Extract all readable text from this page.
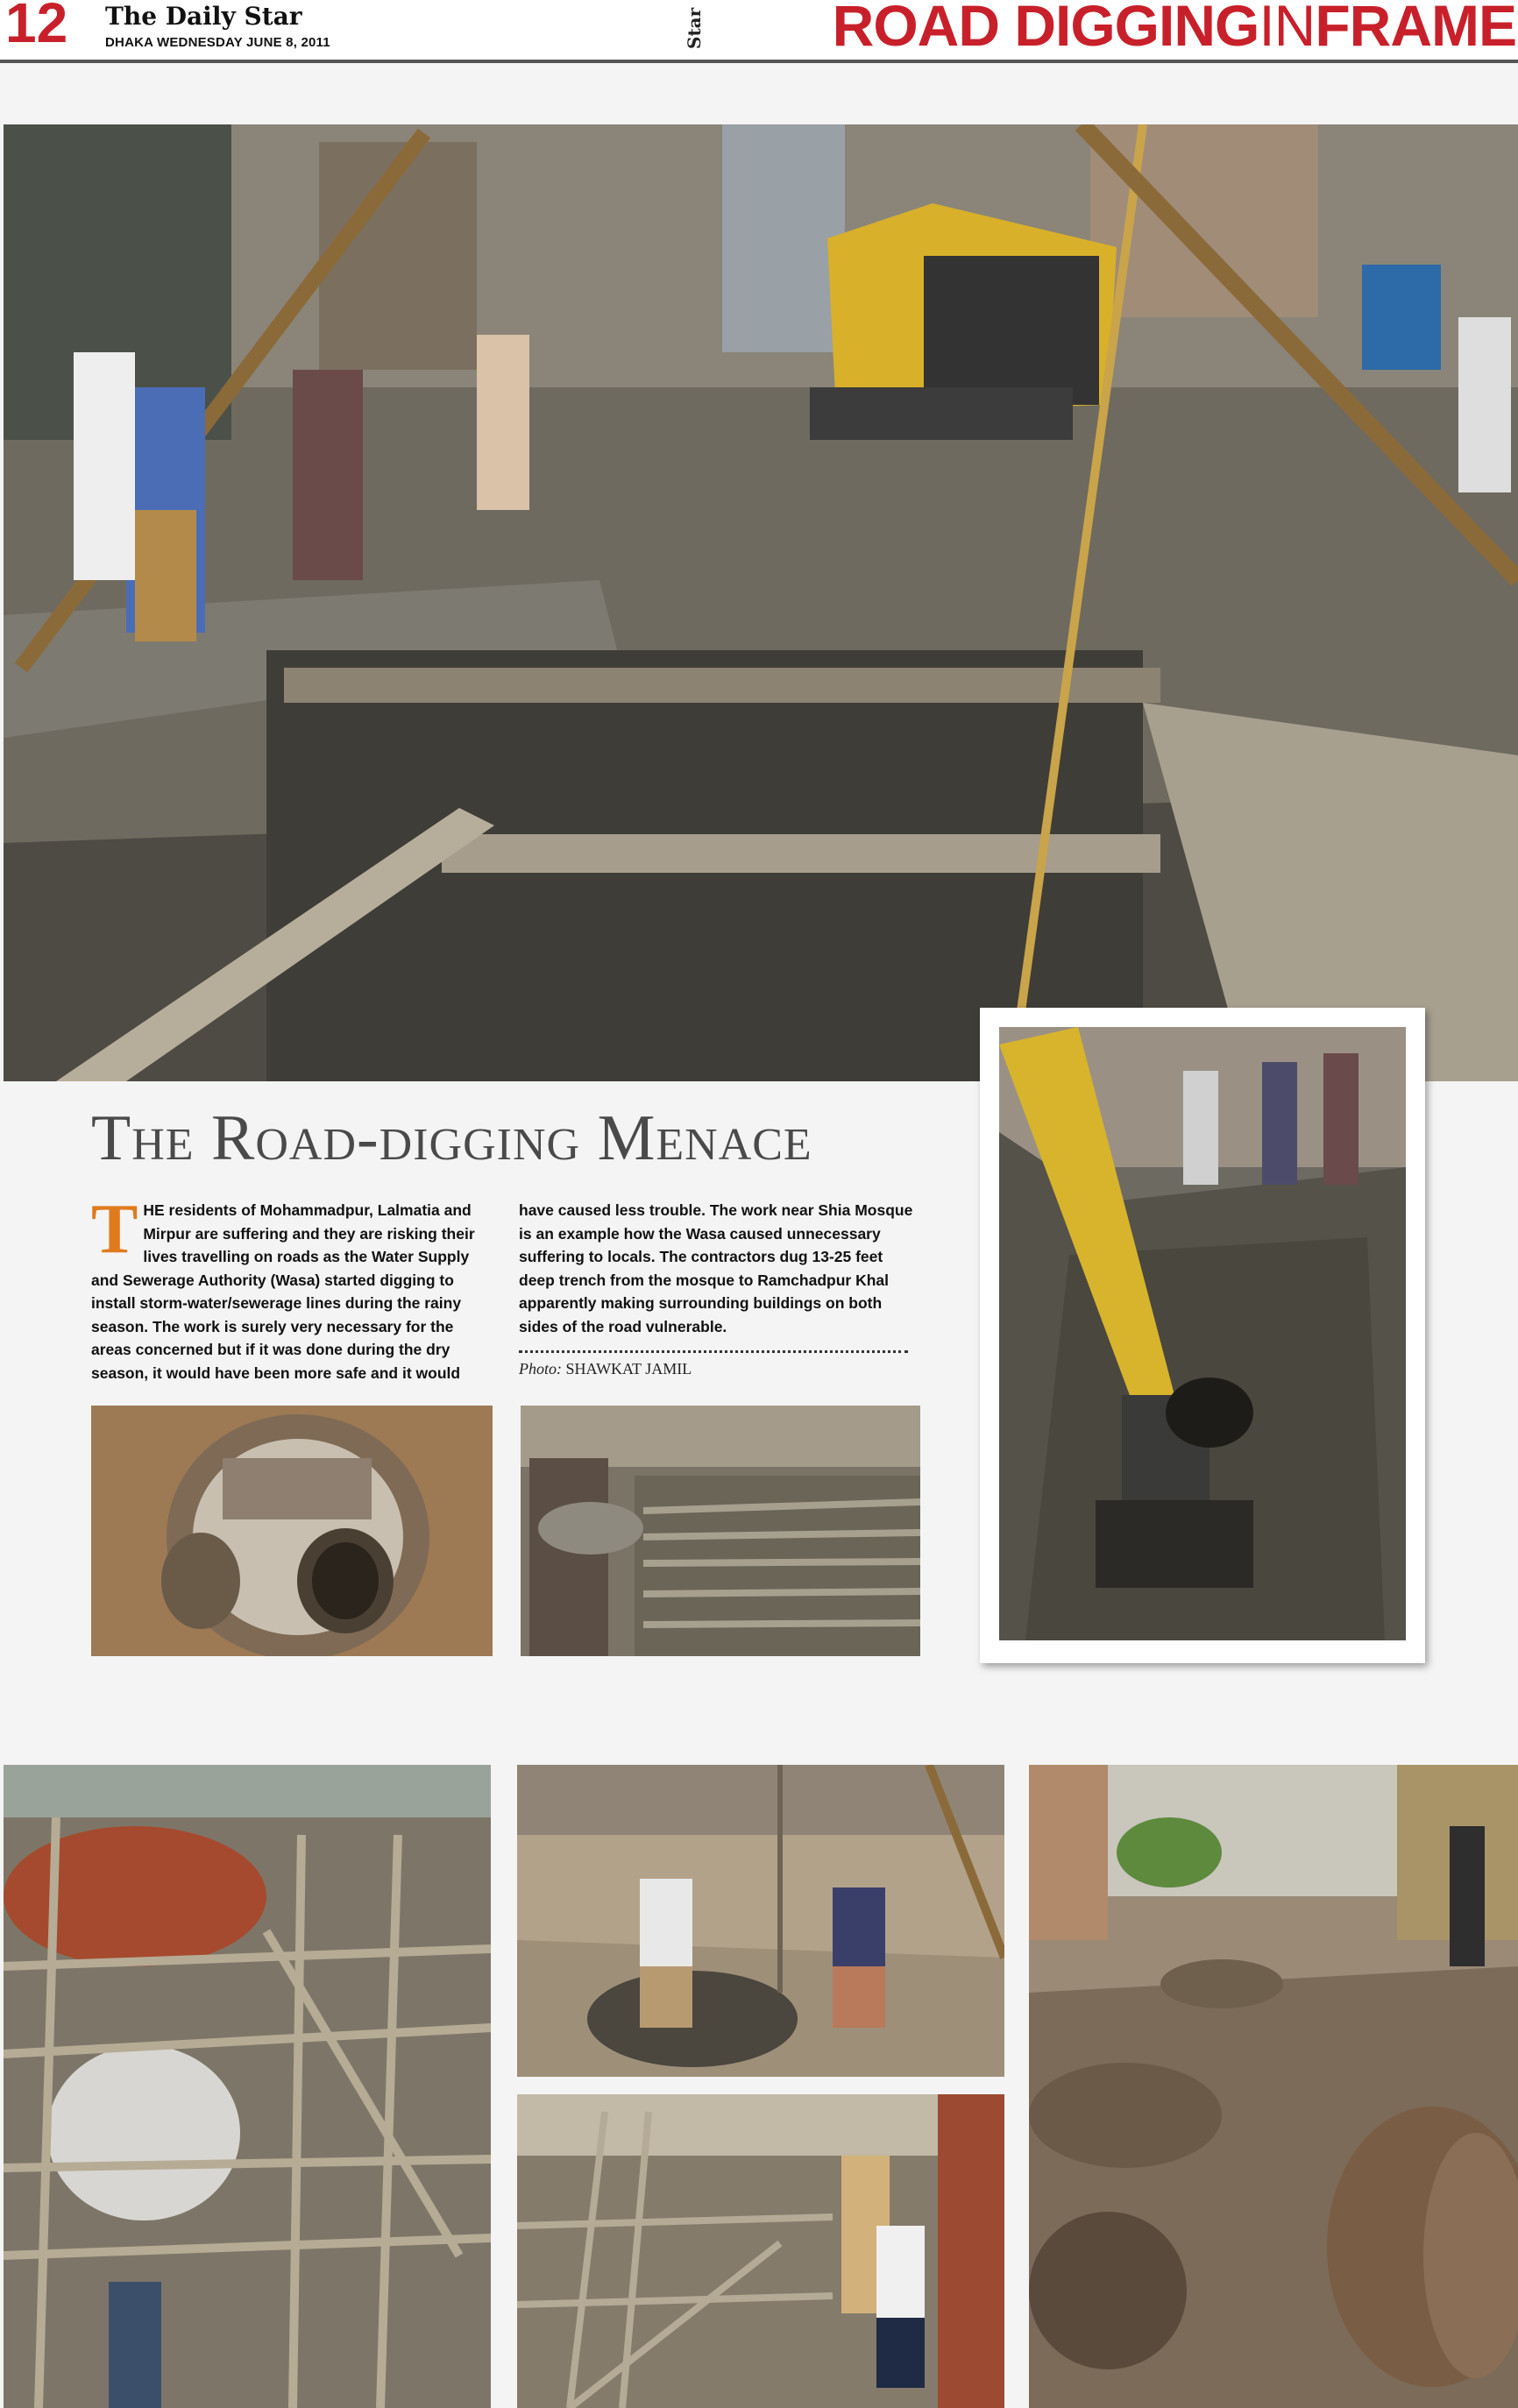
12 The Daily Star
DHAKA WEDNESDAY JUNE 8, 2011	Star ROAD DIGGINGINFRAME
The Road-digging Menace
THE residents of Mohammadpur, Lalmatia and Mirpur are suffering and they are risking their lives travelling on roads as the Water Supply and Sewerage Authority (Wasa) started digging to install storm-water/sewerage lines during the rainy season. The work is surely very necessary for the areas concerned but if it was done during the dry season, it would have been more safe and it would
have caused less trouble. The work near Shia Mosque is an example how the Wasa caused unnecessary suffering to locals. The contractors dug 13-25 feet deep trench from the mosque to Ramchadpur Khal apparently making surrounding buildings on both sides of the road vulnerable.
Photo: SHAWKAT JAMIL
